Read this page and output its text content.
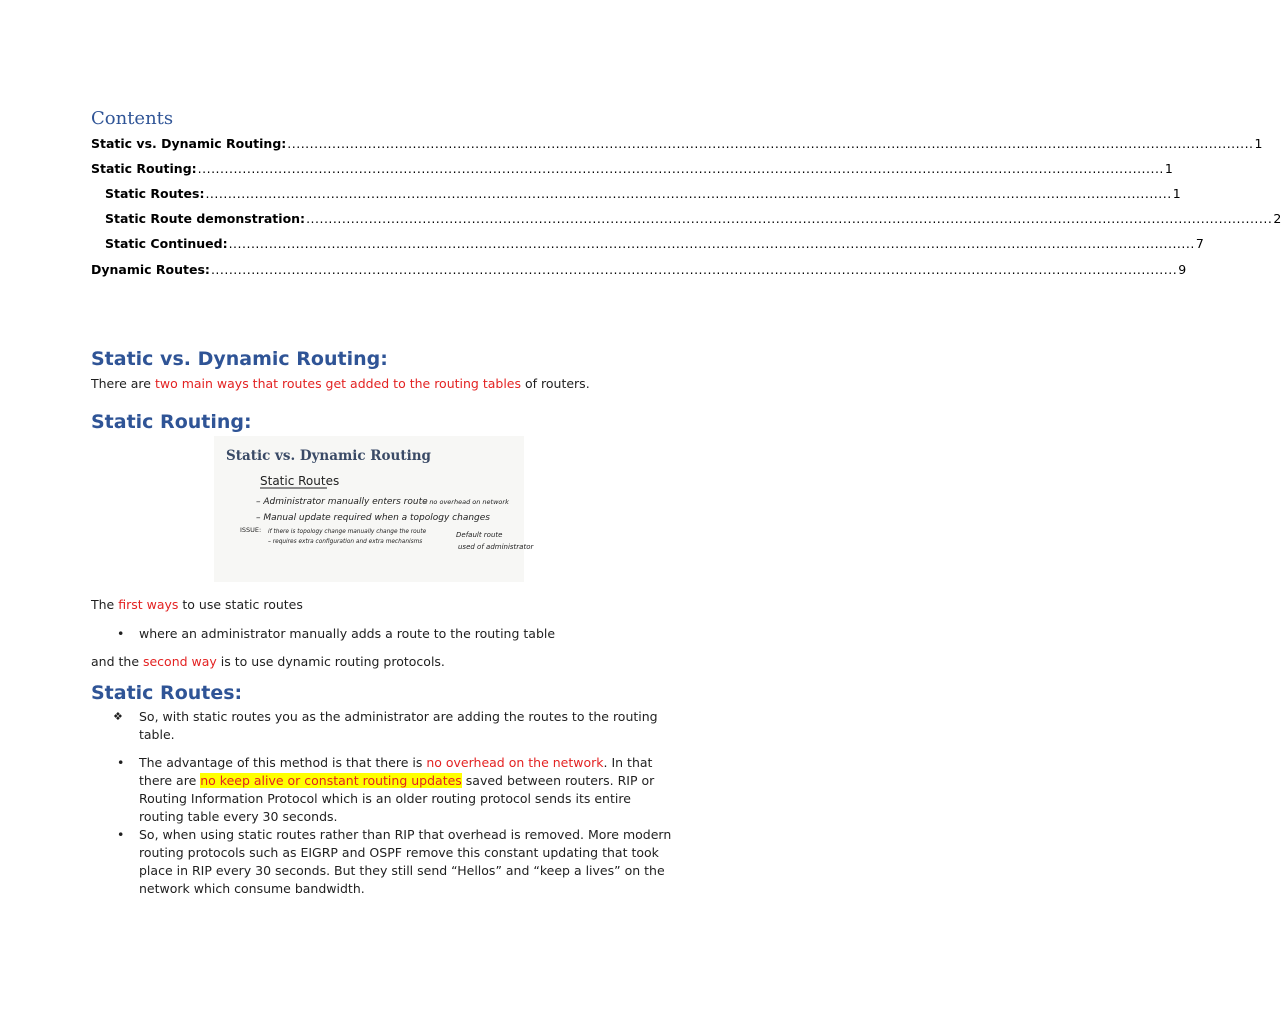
Contents
Static vs. Dynamic Routing: .....	1
Static Routing: .....	1
Static Routes: .....	1
Static Route demonstration: .....	2
Static Continued: .....	7
Dynamic Routes: .....	9
Static vs. Dynamic Routing:
There are two main ways that routes get added to the routing tables of routers.
Static Routing:
Static vs. Dynamic Routing
Static Routes
– Administrator manually enters route
– no overhead on network
– Manual update required when a topology changes
ISSUE: if there is topology change manually change the route
– requires extra configuration and extra mechanisms
Default route
used of administrator
The first ways to use static routes
• where an administrator manually adds a route to the routing table
and the second way is to use dynamic routing protocols.
Static Routes:
❖ So, with static routes you as the administrator are adding the routes to the routing table.
• The advantage of this method is that there is no overhead on the network. In that there are no keep alive or constant routing updates saved between routers. RIP or Routing Information Protocol which is an older routing protocol sends its entire routing table every 30 seconds.
• So, when using static routes rather than RIP that overhead is removed. More modern routing protocols such as EIGRP and OSPF remove this constant updating that took place in RIP every 30 seconds. But they still send “Hellos” and “keep a lives” on the network which consume bandwidth.
